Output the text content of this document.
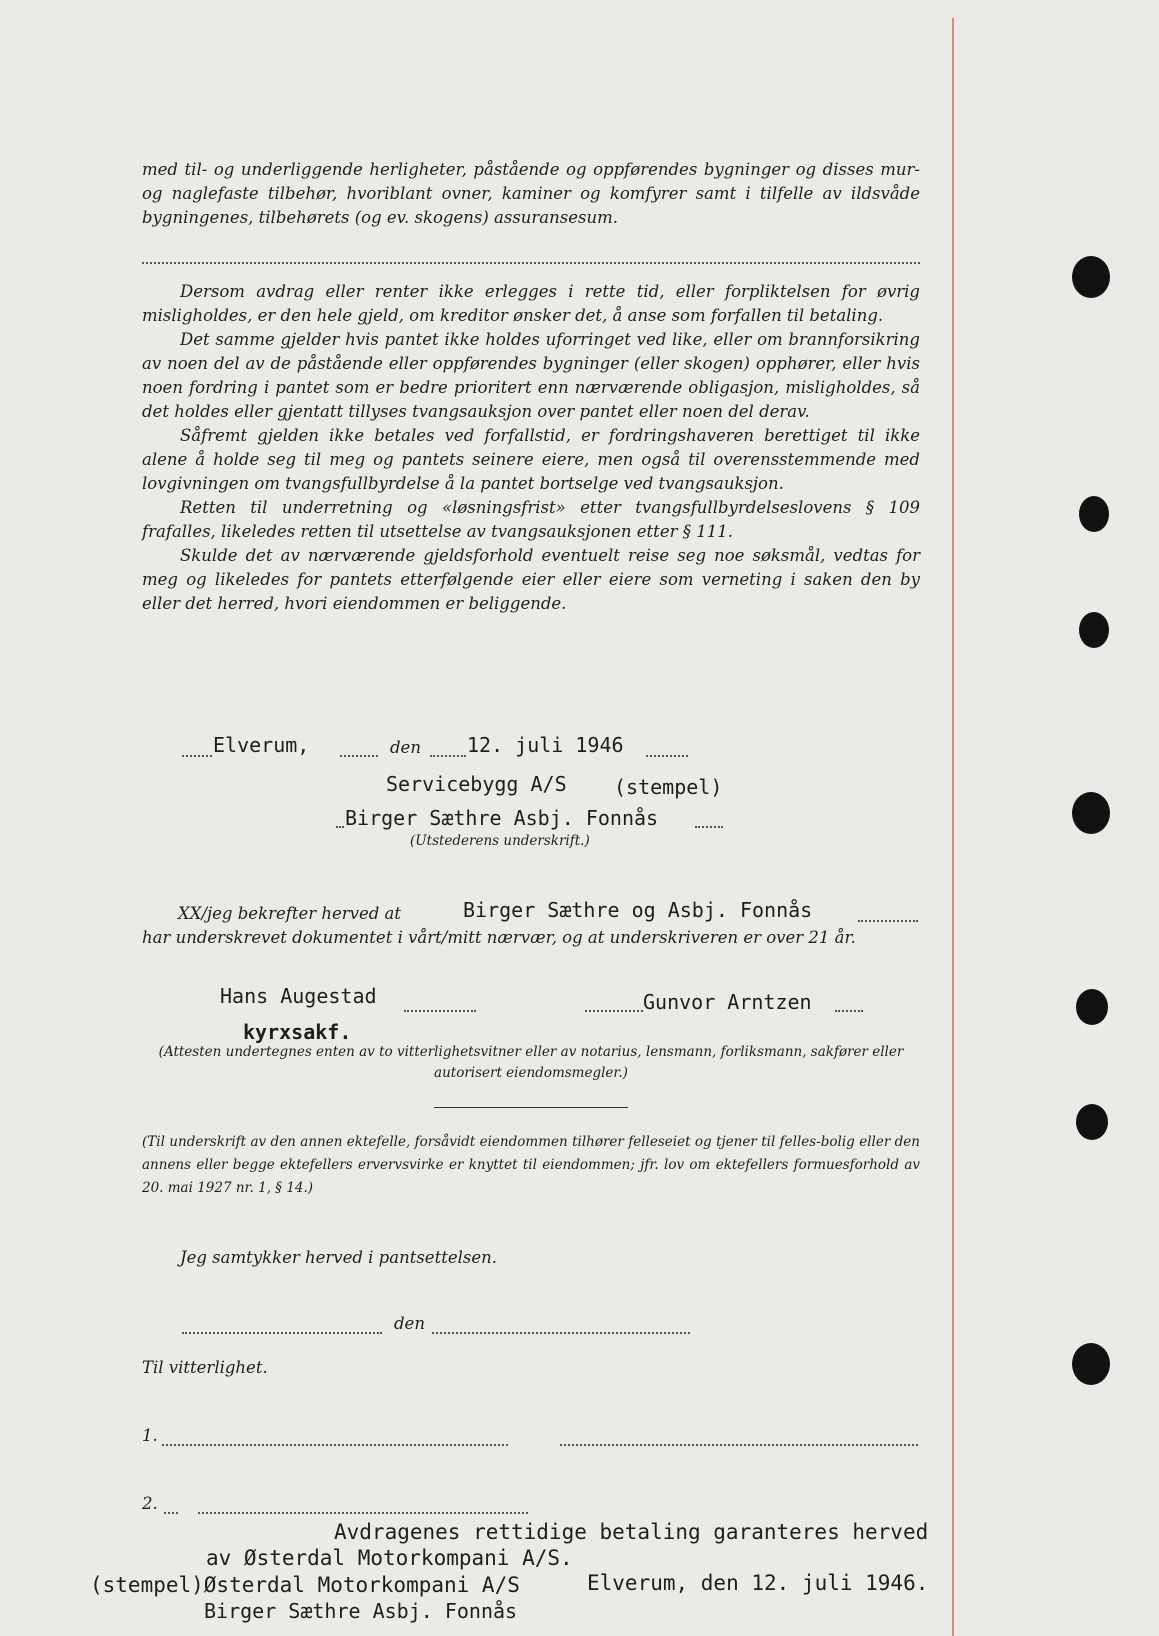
med til- og underliggende herligheter, påstående og oppførendes bygninger og disses mur- og naglefaste tilbehør, hvoriblant ovner, kaminer og komfyrer samt i tilfelle av ildsvåde bygningenes, tilbehørets (og ev. skogens) assuransesum.

Dersom avdrag eller renter ikke erlegges i rette tid, eller forpliktelsen for øvrig misligholdes, er den hele gjeld, om kreditor ønsker det, å anse som forfallen til betaling.

Det samme gjelder hvis pantet ikke holdes uforringet ved like, eller om brannforsikring av noen del av de påstående eller oppførendes bygninger (eller skogen) opphører, eller hvis noen fordring i pantet som er bedre prioritert enn nærværende obligasjon, misligholdes, så det holdes eller gjentatt tillyses tvangsauksjon over pantet eller noen del derav.

Såfremt gjelden ikke betales ved forfallstid, er fordringshaveren berettiget til ikke alene å holde seg til meg og pantets seinere eiere, men også til overensstemmende med lovgivningen om tvangsfullbyrdelse å la pantet bortselge ved tvangsauksjon.

Retten til underretning og «løsningsfrist» etter tvangsfullbyrdelseslovens § 109 frafalles, likeledes retten til utsettelse av tvangsauksjonen etter § 111.

Skulde det av nærværende gjeldsforhold eventuelt reise seg noe søksmål, vedtas for meg og likeledes for pantets etterfølgende eier eller eiere som verneting i saken den by eller det herred, hvori eiendommen er beliggende.

Elverum,	den 12. juli 1946
Servicebygg A/S (stempel)
Birger Sæthre Asbj. Fonnås
(Utstederens underskrift.)
XX/jeg bekrefter herved at	Birger Sæthre og Asbj. Fonnås
har underskrevet dokumentet i vårt/mitt nærvær, og at underskriveren er over 21 år.
Hans Augestad	Gunvor Arntzen
kyrxsakf.
(Attesten undertegnes enten av to vitterlighetsvitner eller av notarius, lensmann, forliksmann, sakfører eller autorisert eiendomsmegler.)
(Til underskrift av den annen ektefelle, forsåvidt eiendommen tilhører felleseiet og tjener til felles-bolig eller den annens eller begge ektefellers ervervsvirke er knyttet til eiendommen; jfr. lov om ektefellers formuesforhold av 20. mai 1927 nr. 1, § 14.)
Jeg samtykker herved i pantsettelsen.
den
Til vitterlighet.
1.
2.
Avdragenes rettidige betaling garanteres herved
av Østerdal Motorkompani A/S.
(stempel)Østerdal Motorkompani A/S	Elverum, den 12. juli 1946.
Birger Sæthre Asbj. Fonnås
